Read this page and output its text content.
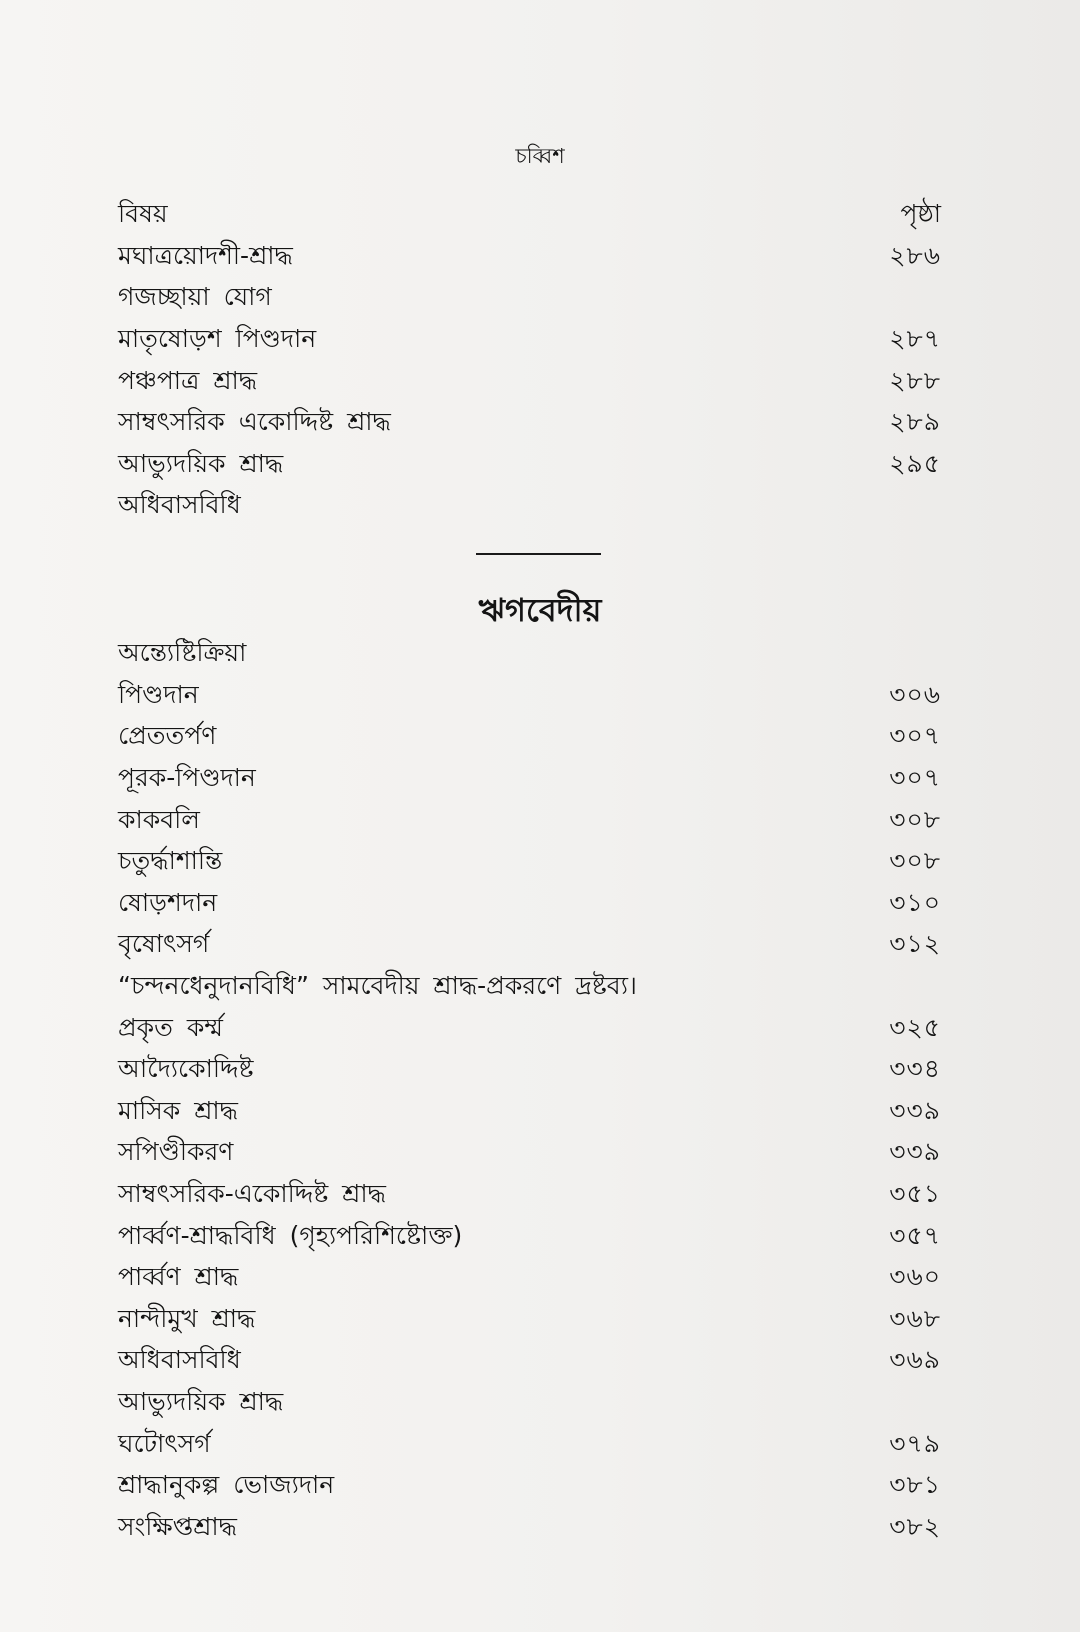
চব্বিশ
বিষয়	পৃষ্ঠা
মঘাত্রয়োদশী-শ্রাদ্ধ	২৮৬
গজচ্ছায়া যোগ
মাতৃষোড়শ পিণ্ডদান	২৮৭
পঞ্চপাত্র শ্রাদ্ধ	২৮৮
সাম্বৎসরিক একোদ্দিষ্ট শ্রাদ্ধ	২৮৯
আভ্যুদয়িক শ্রাদ্ধ	২৯৫
অধিবাসবিধি
ঋগবেদীয়
অন্ত্যেষ্টিক্রিয়া
পিণ্ডদান	৩০৬
প্রেততর্পণ	৩০৭
পূরক-পিণ্ডদান	৩০৭
কাকবলি	৩০৮
চতুর্দ্ধাশান্তি	৩০৮
ষোড়শদান	৩১০
বৃষোৎসর্গ	৩১২
“চন্দনধেনুদানবিধি” সামবেদীয় শ্রাদ্ধ-প্রকরণে দ্রষ্টব্য।
প্রকৃত কর্ম্ম	৩২৫
আদ্যৈকোদ্দিষ্ট	৩৩৪
মাসিক শ্রাদ্ধ	৩৩৯
সপিণ্ডীকরণ	৩৩৯
সাম্বৎসরিক-একোদ্দিষ্ট শ্রাদ্ধ	৩৫১
পার্ব্বণ-শ্রাদ্ধবিধি (গৃহ্যপরিশিষ্টোক্ত)	৩৫৭
পার্ব্বণ শ্রাদ্ধ	৩৬০
নান্দীমুখ শ্রাদ্ধ	৩৬৮
অধিবাসবিধি	৩৬৯
আভ্যুদয়িক শ্রাদ্ধ
ঘটোৎসর্গ	৩৭৯
শ্রাদ্ধানুকল্প ভোজ্যদান	৩৮১
সংক্ষিপ্তশ্রাদ্ধ	৩৮২
